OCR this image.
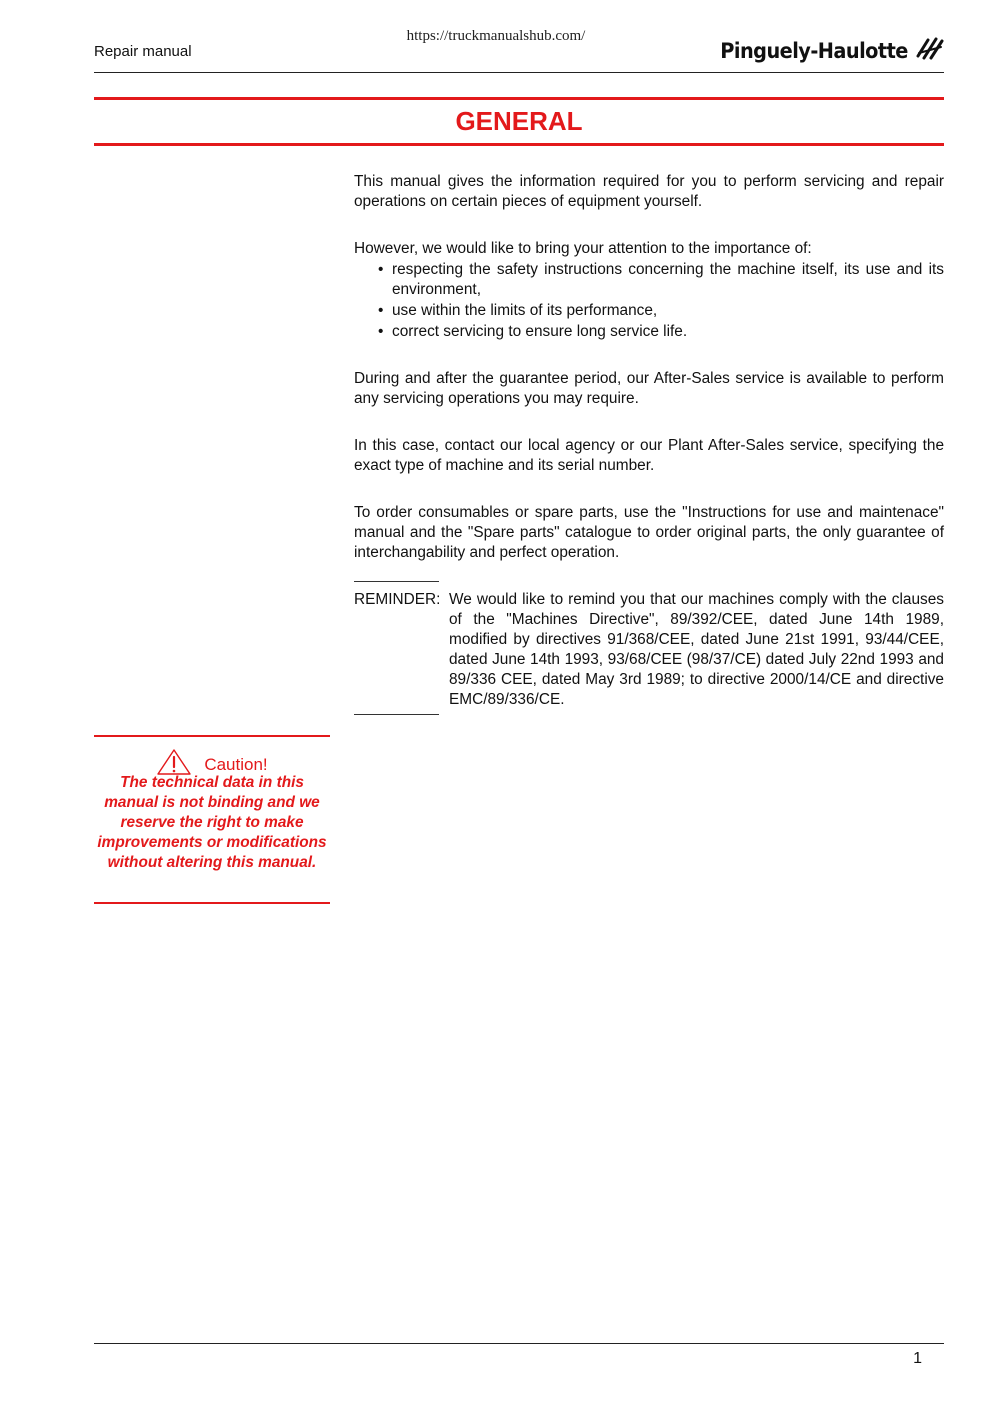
https://truckmanualshub.com/
Repair manual	Pinguely-Haulotte
GENERAL

This manual gives the information required for you to perform servicing and repair operations on certain pieces of equipment yourself.

However, we would like to bring your attention to the importance of:

• respecting the safety instructions concerning the machine itself, its use and its environment,
• use within the limits of its performance,
• correct servicing to ensure long service life.

During and after the guarantee period, our After-Sales service is available to perform any servicing operations you may require.

In this case, contact our local agency or our Plant After-Sales service, specifying the exact type of machine and its serial number.

To order consumables or spare parts, use the "Instructions for use and maintenace" manual and the "Spare parts" catalogue to order original parts, the only guarantee of interchangability and perfect operation.

REMINDER: We would like to remind you that our machines comply with the clauses of the "Machines Directive", 89/392/CEE, dated June 14th 1989, modified by directives 91/368/CEE, dated June 21st 1991, 93/44/CEE, dated June 14th 1993, 93/68/CEE (98/37/CE) dated July 22nd 1993 and 89/336 CEE, dated May 3rd 1989; to directive 2000/14/CE and directive EMC/89/336/CE.
Caution!
The technical data in this manual is not binding and we reserve the right to make improvements or modifications without altering this manual.
1
